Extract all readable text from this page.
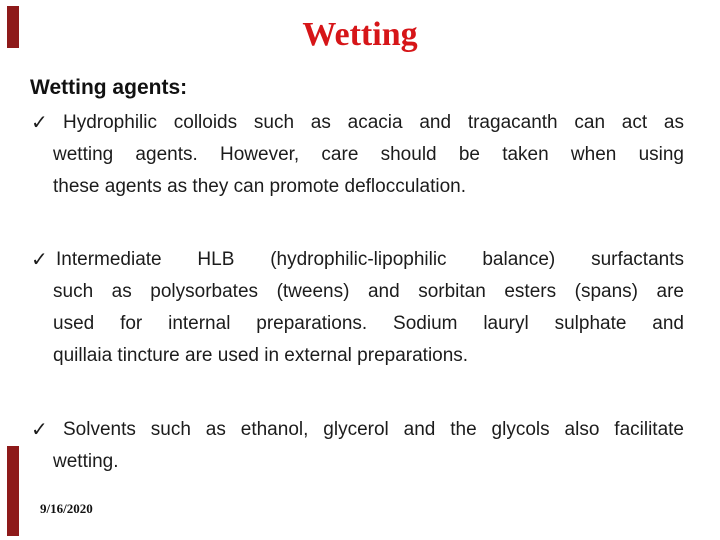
Wetting
Wetting agents:
✓ Hydrophilic colloids such as acacia and tragacanth can act as
wetting agents. However, care should be taken when using
these agents as they can promote deflocculation.
✓ Intermediate HLB (hydrophilic-lipophilic balance) surfactants
such as polysorbates (tweens) and sorbitan esters (spans) are
used for internal preparations. Sodium lauryl sulphate and
quillaia tincture are used in external preparations.
✓ Solvents such as ethanol, glycerol and the glycols also facilitate
wetting.
9/16/2020
